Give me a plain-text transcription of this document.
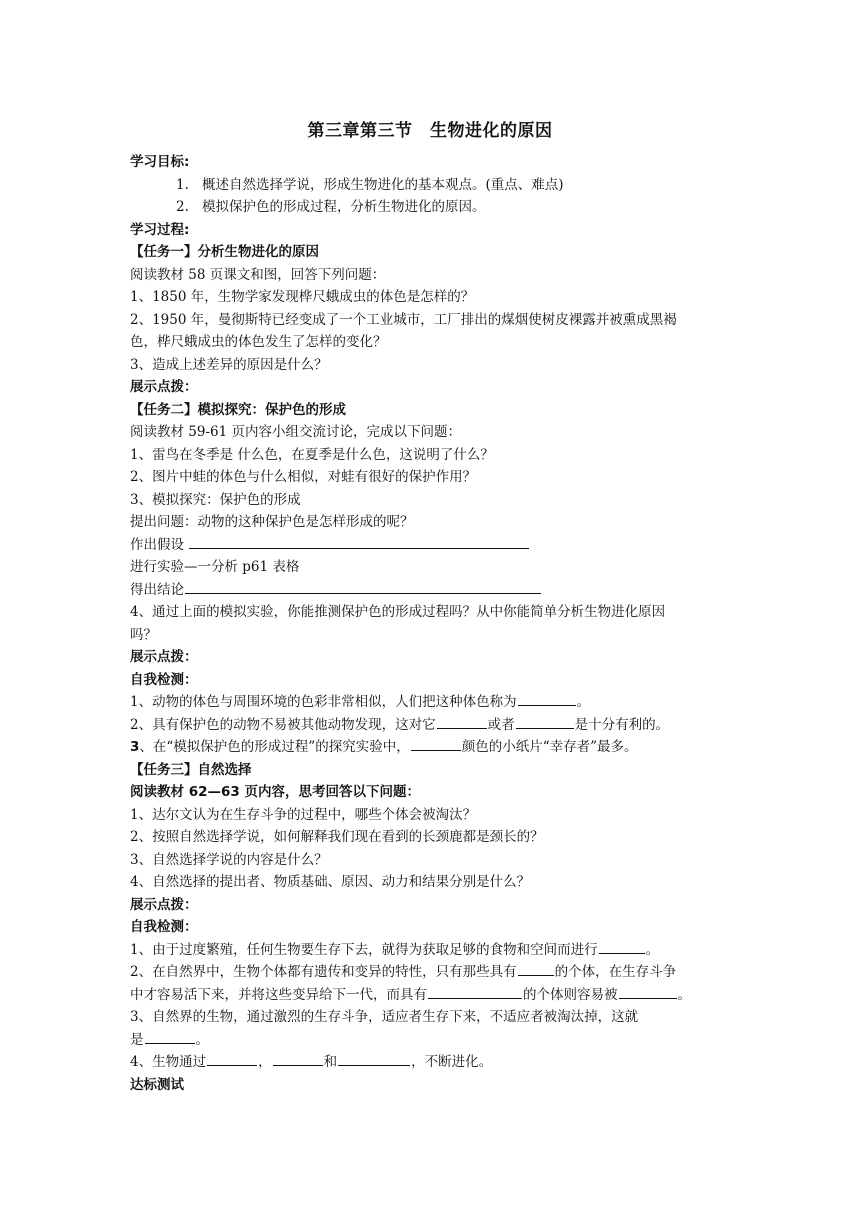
第三章第三节　生物进化的原因
学习目标:
1. 概述自然选择学说，形成生物进化的基本观点。(重点、难点)
2. 模拟保护色的形成过程，分析生物进化的原因。
学习过程:
【任务一】分析生物进化的原因
阅读教材 58 页课文和图，回答下列问题：
1、1850 年，生物学家发现桦尺蛾成虫的体色是怎样的？
2、1950 年，曼彻斯特已经变成了一个工业城市，工厂排出的煤烟使树皮裸露并被熏成黑褐
色，桦尺蛾成虫的体色发生了怎样的变化？
3、造成上述差异的原因是什么？
展示点拨：
【任务二】模拟探究：保护色的形成
阅读教材 59-61 页内容小组交流讨论，完成以下问题：
1、雷鸟在冬季是 什么色，在夏季是什么色，这说明了什么？
2、图片中蛙的体色与什么相似，对蛙有很好的保护作用？
3、模拟探究：保护色的形成
提出问题：动物的这种保护色是怎样形成的呢？
作出假设
进行实验—一分析 p61 表格
得出结论
4、通过上面的模拟实验，你能推测保护色的形成过程吗？从中你能简单分析生物进化原因
吗？
展示点拨：
自我检测：
1、动物的体色与周围环境的色彩非常相似，人们把这种体色称为	。
2、具有保护色的动物不易被其他动物发现，这对它	或者	是十分有利的。
3、在“模拟保护色的形成过程”的探究实验中，	颜色的小纸片“幸存者”最多。
【任务三】自然选择
阅读教材 62—63 页内容，思考回答以下问题：
1、达尔文认为在生存斗争的过程中，哪些个体会被淘汰？
2、按照自然选择学说，如何解释我们现在看到的长颈鹿都是颈长的？
3、自然选择学说的内容是什么？
4、自然选择的提出者、物质基础、原因、动力和结果分别是什么？
展示点拨：
自我检测：
1、由于过度繁殖，任何生物要生存下去，就得为获取足够的食物和空间而进行	。
2、在自然界中，生物个体都有遗传和变异的特性，只有那些具有	的个体，在生存斗争
中才容易活下来，并将这些变异给下一代，而具有	的个体则容易被	。
3、自然界的生物，通过激烈的生存斗争，适应者生存下来，不适应者被淘汰掉，这就
是	。
4、生物通过	，	和	，不断进化。
达标测试
